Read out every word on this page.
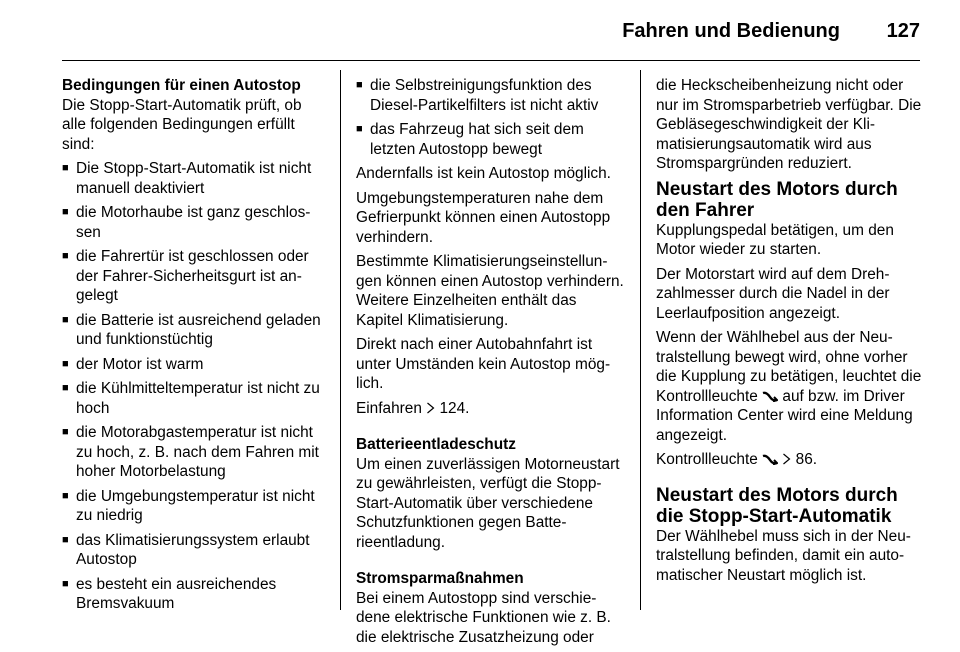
Fahren und Bedienung 127
Bedingungen für einen Autostop

Die Stopp-Start-Automatik prüft, ob alle folgenden Bedingungen erfüllt sind:

■ Die Stopp-Start-Automatik ist nicht manuell deaktiviert
■ die Motorhaube ist ganz geschlossen
■ die Fahrertür ist geschlossen oder der Fahrer-Sicherheitsgurt ist angelegt
■ die Batterie ist ausreichend geladen und funktionstüchtig
■ der Motor ist warm
■ die Kühlmitteltemperatur ist nicht zu hoch
■ die Motorabgastemperatur ist nicht zu hoch, z. B. nach dem Fahren mit hoher Motorbelastung
■ die Umgebungstemperatur ist nicht zu niedrig
■ das Klimatisierungssystem erlaubt Autostop
■ es besteht ein ausreichendes Bremsvakuum
■ die Selbstreinigungsfunktion des Diesel-Partikelfilters ist nicht aktiv
■ das Fahrzeug hat sich seit dem letzten Autostopp bewegt

Andernfalls ist kein Autostop möglich.

Umgebungstemperaturen nahe dem Gefrierpunkt können einen Autostopp verhindern.

Bestimmte Klimatisierungseinstellungen können einen Autostop verhindern. Weitere Einzelheiten enthält das Kapitel Klimatisierung.

Direkt nach einer Autobahnfahrt ist unter Umständen kein Autostop möglich.

Einfahren 124.

Batterieentladeschutz

Um einen zuverlässigen Motorneustart zu gewährleisten, verfügt die Stopp-Start-Automatik über verschiedene Schutzfunktionen gegen Batterieentladung.

Stromsparmaßnahmen

Bei einem Autostopp sind verschiedene elektrische Funktionen wie z. B. die elektrische Zusatzheizung oder

die Heckscheibenheizung nicht oder nur im Stromsparbetrieb verfügbar. Die Gebläsegeschwindigkeit der Klimatisierungsautomatik wird aus Stromspargründen reduziert.

Neustart des Motors durch den Fahrer

Kupplungspedal betätigen, um den Motor wieder zu starten.

Der Motorstart wird auf dem Drehzahlmesser durch die Nadel in der Leerlaufposition angezeigt.

Wenn der Wählhebel aus der Neutralstellung bewegt wird, ohne vorher die Kupplung zu betätigen, leuchtet die Kontrollleuchte auf bzw. im Driver Information Center wird eine Meldung angezeigt.

Kontrollleuchte 86.

Neustart des Motors durch die Stopp-Start-Automatik

Der Wählhebel muss sich in der Neutralstellung befinden, damit ein automatischer Neustart möglich ist.
